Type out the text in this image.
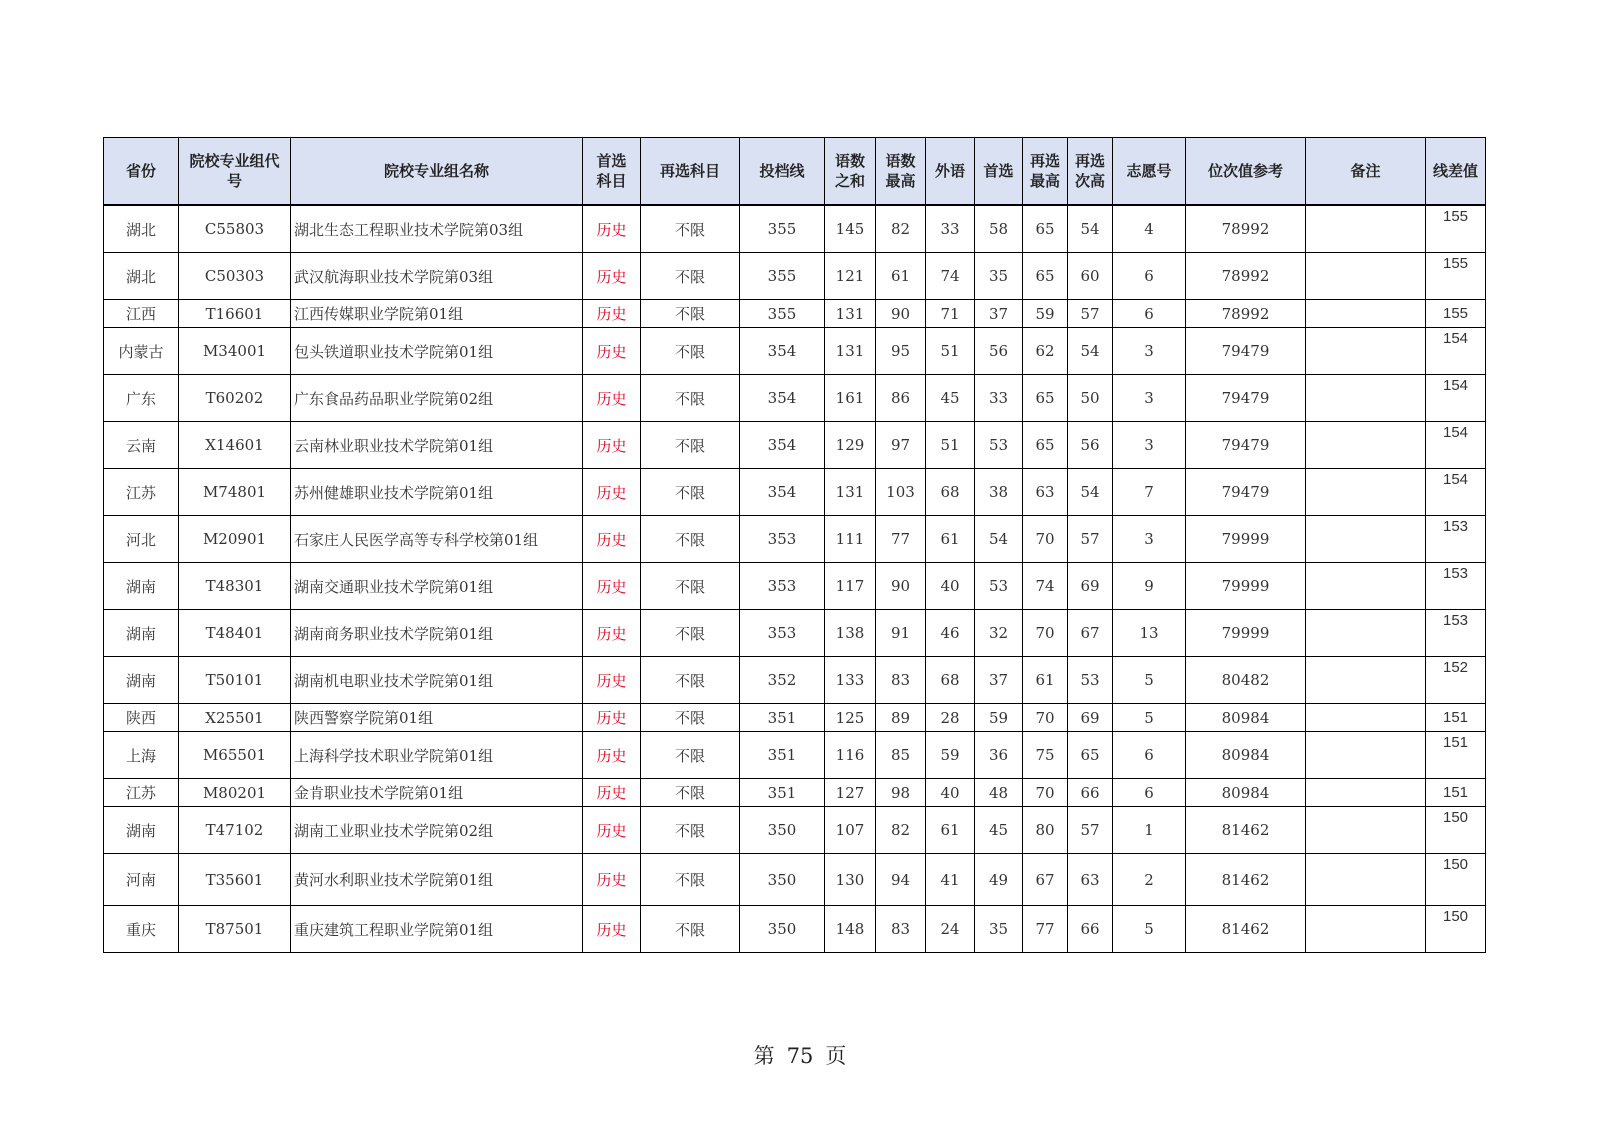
省份	院校专业组代号	院校专业组名称	首选科目	再选科目	投档线	语数之和	语数最高	外语	首选	再选最高	再选次高	志愿号	位次值参考	备注	线差值
湖北	C55803	湖北生态工程职业技术学院第03组	历史	不限	355	145	82	33	58	65	54	4	78992		155
湖北	C50303	武汉航海职业技术学院第03组	历史	不限	355	121	61	74	35	65	60	6	78992		155
江西	T16601	江西传媒职业学院第01组	历史	不限	355	131	90	71	37	59	57	6	78992		155
内蒙古	M34001	包头铁道职业技术学院第01组	历史	不限	354	131	95	51	56	62	54	3	79479		154
广东	T60202	广东食品药品职业学院第02组	历史	不限	354	161	86	45	33	65	50	3	79479		154
云南	X14601	云南林业职业技术学院第01组	历史	不限	354	129	97	51	53	65	56	3	79479		154
江苏	M74801	苏州健雄职业技术学院第01组	历史	不限	354	131	103	68	38	63	54	7	79479		154
河北	M20901	石家庄人民医学高等专科学校第01组	历史	不限	353	111	77	61	54	70	57	3	79999		153
湖南	T48301	湖南交通职业技术学院第01组	历史	不限	353	117	90	40	53	74	69	9	79999		153
湖南	T48401	湖南商务职业技术学院第01组	历史	不限	353	138	91	46	32	70	67	13	79999		153
湖南	T50101	湖南机电职业技术学院第01组	历史	不限	352	133	83	68	37	61	53	5	80482		152
陕西	X25501	陕西警察学院第01组	历史	不限	351	125	89	28	59	70	69	5	80984		151
上海	M65501	上海科学技术职业学院第01组	历史	不限	351	116	85	59	36	75	65	6	80984		151
江苏	M80201	金肯职业技术学院第01组	历史	不限	351	127	98	40	48	70	66	6	80984		151
湖南	T47102	湖南工业职业技术学院第02组	历史	不限	350	107	82	61	45	80	57	1	81462		150
河南	T35601	黄河水利职业技术学院第01组	历史	不限	350	130	94	41	49	67	63	2	81462		150
重庆	T87501	重庆建筑工程职业学院第01组	历史	不限	350	148	83	24	35	77	66	5	81462		150
第 75 页
